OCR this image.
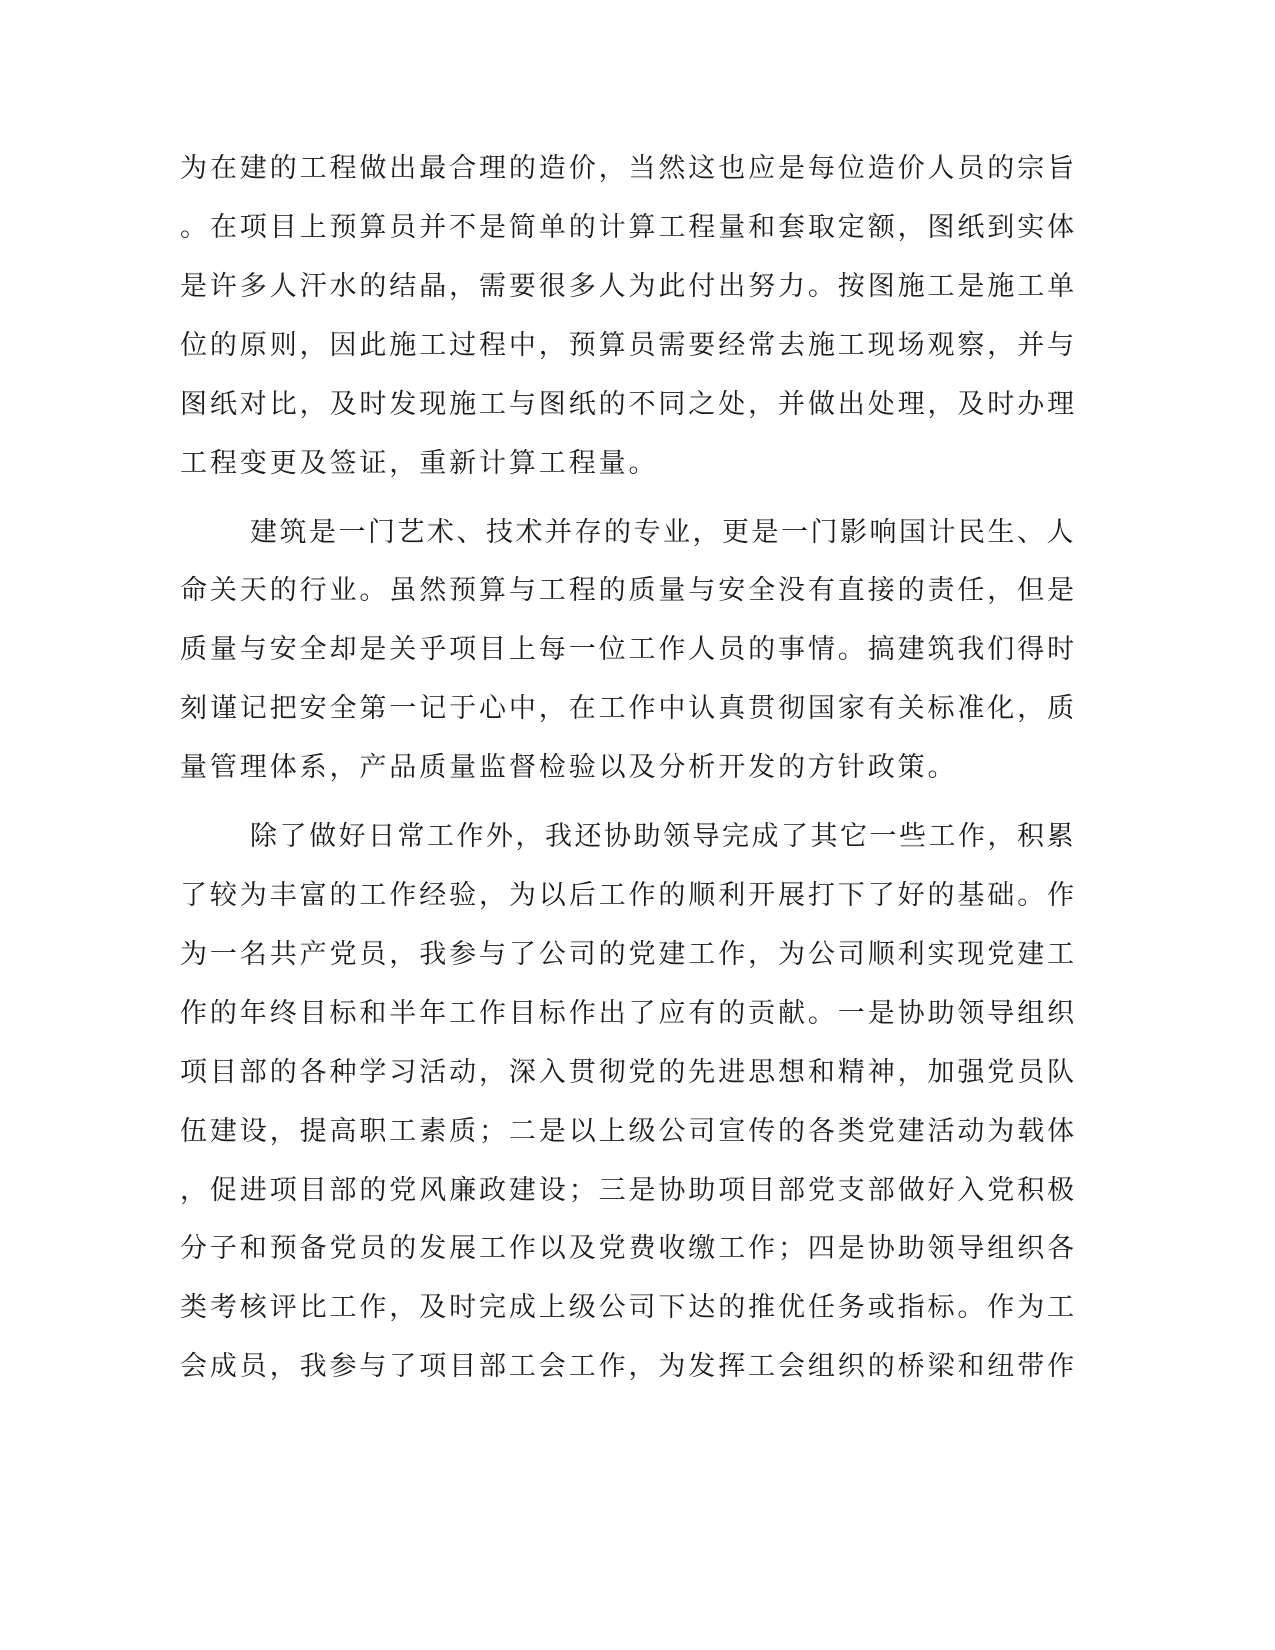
为在建的工程做出最合理的造价，当然这也应是每位造价人员的宗旨
。在项目上预算员并不是简单的计算工程量和套取定额，图纸到实体
是许多人汗水的结晶，需要很多人为此付出努力。按图施工是施工单
位的原则，因此施工过程中，预算员需要经常去施工现场观察，并与
图纸对比，及时发现施工与图纸的不同之处，并做出处理，及时办理
工程变更及签证，重新计算工程量。
建筑是一门艺术、技术并存的专业，更是一门影响国计民生、人
命关天的行业。虽然预算与工程的质量与安全没有直接的责任，但是
质量与安全却是关乎项目上每一位工作人员的事情。搞建筑我们得时
刻谨记把安全第一记于心中，在工作中认真贯彻国家有关标准化，质
量管理体系，产品质量监督检验以及分析开发的方针政策。
除了做好日常工作外，我还协助领导完成了其它一些工作，积累
了较为丰富的工作经验，为以后工作的顺利开展打下了好的基础。作
为一名共产党员，我参与了公司的党建工作，为公司顺利实现党建工
作的年终目标和半年工作目标作出了应有的贡献。一是协助领导组织
项目部的各种学习活动，深入贯彻党的先进思想和精神，加强党员队
伍建设，提高职工素质；二是以上级公司宣传的各类党建活动为载体
，促进项目部的党风廉政建设；三是协助项目部党支部做好入党积极
分子和预备党员的发展工作以及党费收缴工作；四是协助领导组织各
类考核评比工作，及时完成上级公司下达的推优任务或指标。作为工
会成员，我参与了项目部工会工作，为发挥工会组织的桥梁和纽带作
